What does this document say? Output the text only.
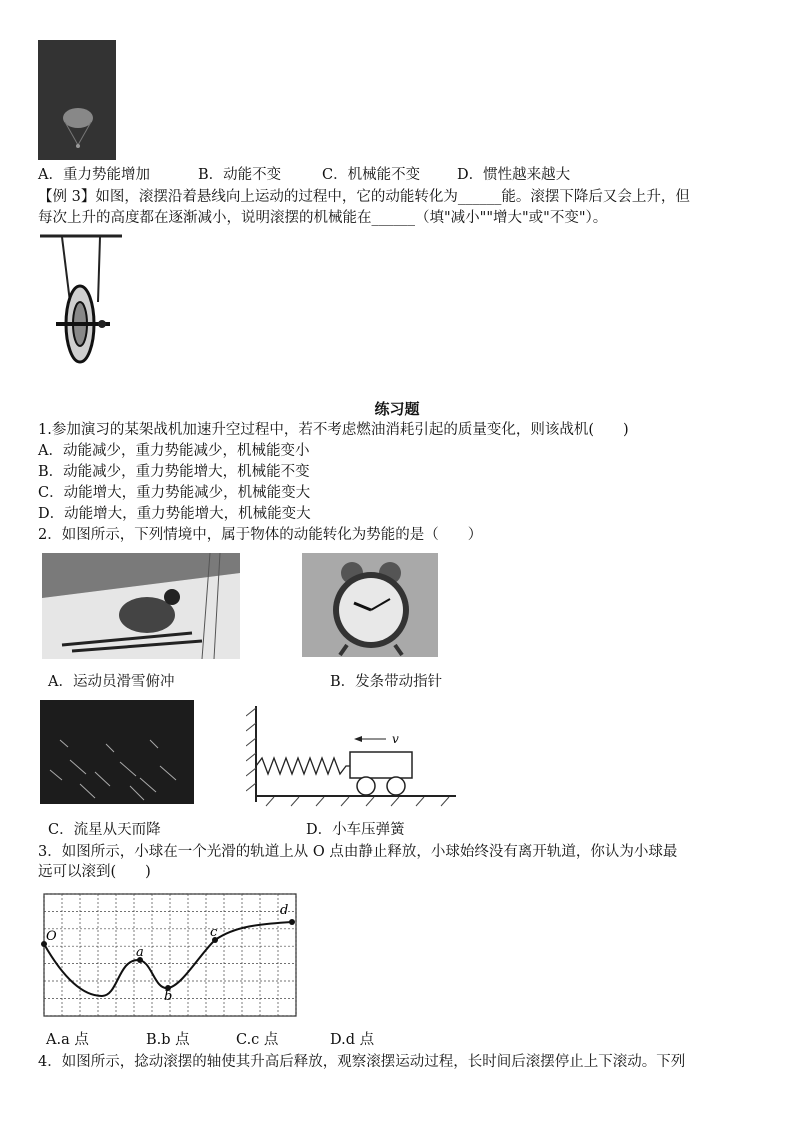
A．重力势能增加	B．动能不变	C．机械能不变	D．惯性越来越大
【例 3】如图，滚摆沿着悬线向上运动的过程中，它的动能转化为______能。滚摆下降后又会上升，但
每次上升的高度都在逐渐减小，说明滚摆的机械能在______（填"减小""增大"或"不变"）。
练习题
1.参加演习的某架战机加速升空过程中，若不考虑燃油消耗引起的质量变化，则该战机(　　)
A．动能减少，重力势能减少，机械能变小
B．动能减少，重力势能增大，机械能不变
C．动能增大，重力势能减少，机械能变大
D．动能增大，重力势能增大，机械能变大
2．如图所示，下列情境中，属于物体的动能转化为势能的是（　　）
A．运动员滑雪俯冲	B．发条带动指针
C．流星从天而降
v
D．小车压弹簧
3．如图所示，小球在一个光滑的轨道上从 O 点由静止释放，小球始终没有离开轨道，你认为小球最
远可以滚到(　　)
O
a
b
c
d
A.a 点	B.b 点	C.c 点	D.d 点
4．如图所示，捻动滚摆的轴使其升高后释放，观察滚摆运动过程，长时间后滚摆停止上下滚动。下列
